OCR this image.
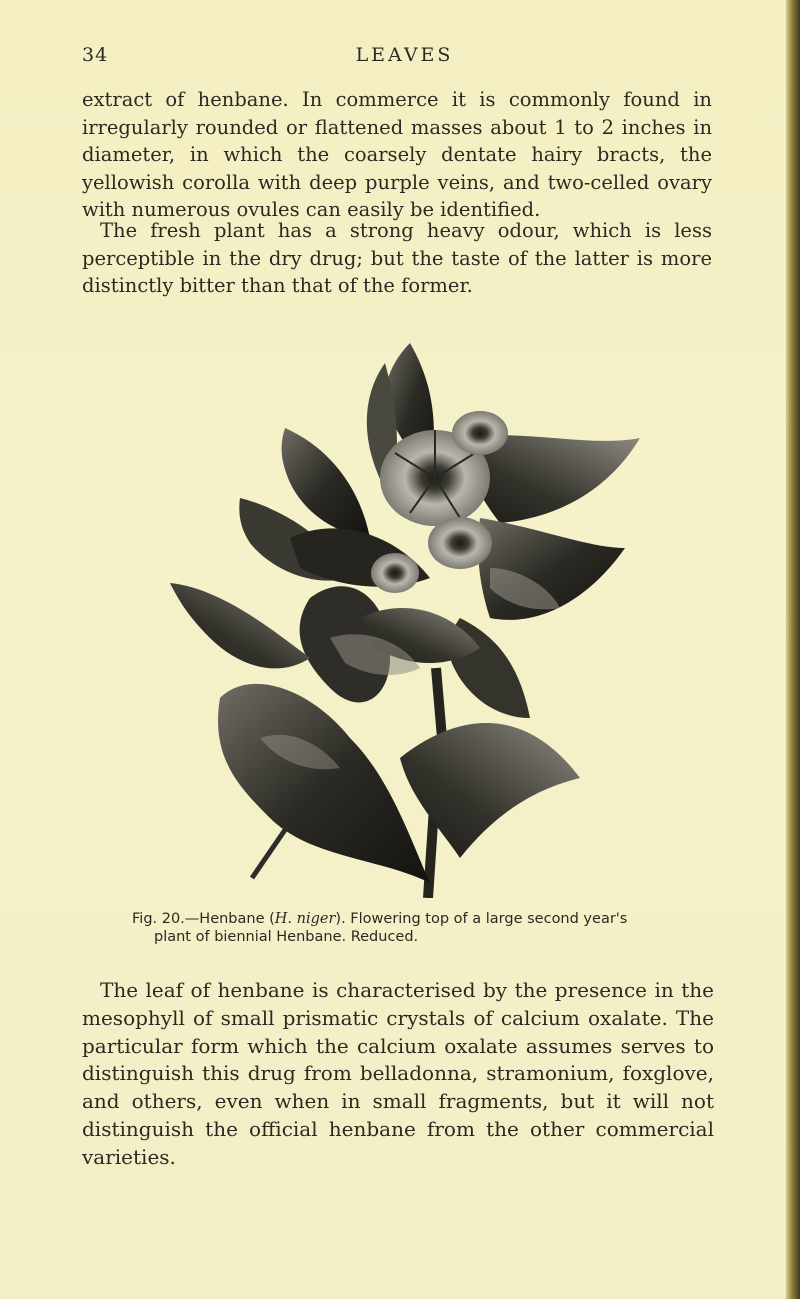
34	LEAVES

extract of henbane. In commerce it is commonly found in irregularly rounded or flattened masses about 1 to 2 inches in diameter, in which the coarsely dentate hairy bracts, the yellowish corolla with deep purple veins, and two-celled ovary with numerous ovules can easily be identified.

The fresh plant has a strong heavy odour, which is less perceptible in the dry drug; but the taste of the latter is more distinctly bitter than that of the former.

Fig. 20.—Henbane (H. niger). Flowering top of a large second year's
plant of biennial Henbane. Reduced.

The leaf of henbane is characterised by the presence in the mesophyll of small prismatic crystals of calcium oxalate. The particular form which the calcium oxalate assumes serves to distinguish this drug from belladonna, stramonium, foxglove, and others, even when in small fragments, but it will not distinguish the official henbane from the other commercial varieties.
